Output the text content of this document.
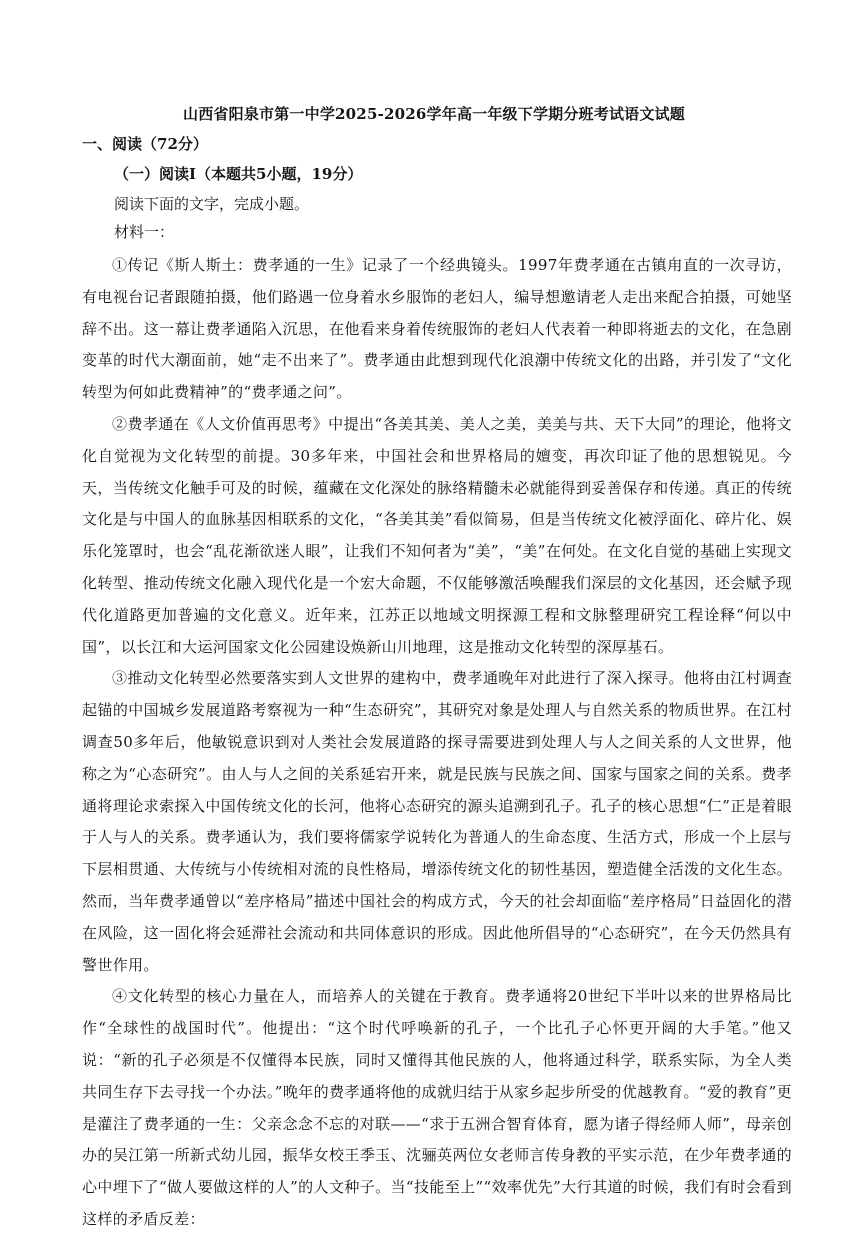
山西省阳泉市第一中学2025-2026学年高一年级下学期分班考试语文试题
一、阅读（72分）
（一）阅读I（本题共5小题，19分）
阅读下面的文字，完成小题。
材料一：

①传记《斯人斯土：费孝通的一生》记录了一个经典镜头。1997年费孝通在古镇甪直的一次寻访，有电视台记者跟随拍摄，他们路遇一位身着水乡服饰的老妇人，编导想邀请老人走出来配合拍摄，可她坚辞不出。这一幕让费孝通陷入沉思，在他看来身着传统服饰的老妇人代表着一种即将逝去的文化，在急剧变革的时代大潮面前，她“走不出来了”。费孝通由此想到现代化浪潮中传统文化的出路，并引发了“文化转型为何如此费精神”的“费孝通之问”。

②费孝通在《人文价值再思考》中提出“各美其美、美人之美，美美与共、天下大同”的理论，他将文化自觉视为文化转型的前提。30多年来，中国社会和世界格局的嬗变，再次印证了他的思想锐见。今天，当传统文化触手可及的时候，蕴藏在文化深处的脉络精髓未必就能得到妥善保存和传递。真正的传统文化是与中国人的血脉基因相联系的文化，“各美其美”看似简易，但是当传统文化被浮面化、碎片化、娱乐化笼罩时，也会“乱花渐欲迷人眼”，让我们不知何者为“美”，“美”在何处。在文化自觉的基础上实现文化转型、推动传统文化融入现代化是一个宏大命题，不仅能够激活唤醒我们深层的文化基因，还会赋予现代化道路更加普遍的文化意义。近年来，江苏正以地域文明探源工程和文脉整理研究工程诠释“何以中国”，以长江和大运河国家文化公园建设焕新山川地理，这是推动文化转型的深厚基石。

③推动文化转型必然要落实到人文世界的建构中，费孝通晚年对此进行了深入探寻。他将由江村调查起锚的中国城乡发展道路考察视为一种“生态研究”，其研究对象是处理人与自然关系的物质世界。在江村调查50多年后，他敏锐意识到对人类社会发展道路的探寻需要进到处理人与人之间关系的人文世界，他称之为“心态研究”。由人与人之间的关系延宕开来，就是民族与民族之间、国家与国家之间的关系。费孝通将理论求索探入中国传统文化的长河，他将心态研究的源头追溯到孔子。孔子的核心思想“仁”正是着眼于人与人的关系。费孝通认为，我们要将儒家学说转化为普通人的生命态度、生活方式，形成一个上层与下层相贯通、大传统与小传统相对流的良性格局，增添传统文化的韧性基因，塑造健全活泼的文化生态。然而，当年费孝通曾以“差序格局”描述中国社会的构成方式，今天的社会却面临“差序格局”日益固化的潜在风险，这一固化将会延滞社会流动和共同体意识的形成。因此他所倡导的“心态研究”，在今天仍然具有警世作用。

④文化转型的核心力量在人，而培养人的关键在于教育。费孝通将20世纪下半叶以来的世界格局比作“全球性的战国时代”。他提出：“这个时代呼唤新的孔子，一个比孔子心怀更开阔的大手笔。”他又说：“新的孔子必须是不仅懂得本民族，同时又懂得其他民族的人，他将通过科学，联系实际，为全人类共同生存下去寻找一个办法。”晚年的费孝通将他的成就归结于从家乡起步所受的优越教育。“爱的教育”更是灌注了费孝通的一生：父亲念念不忘的对联——“求于五洲合智育体育，愿为诸子得经师人师”，母亲创办的吴江第一所新式幼儿园，振华女校王季玉、沈骊英两位女老师言传身教的平实示范，在少年费孝通的心中埋下了“做人要做这样的人”的人文种子。当“技能至上”“效率优先”大行其道的时候，我们有时会看到这样的矛盾反差：
